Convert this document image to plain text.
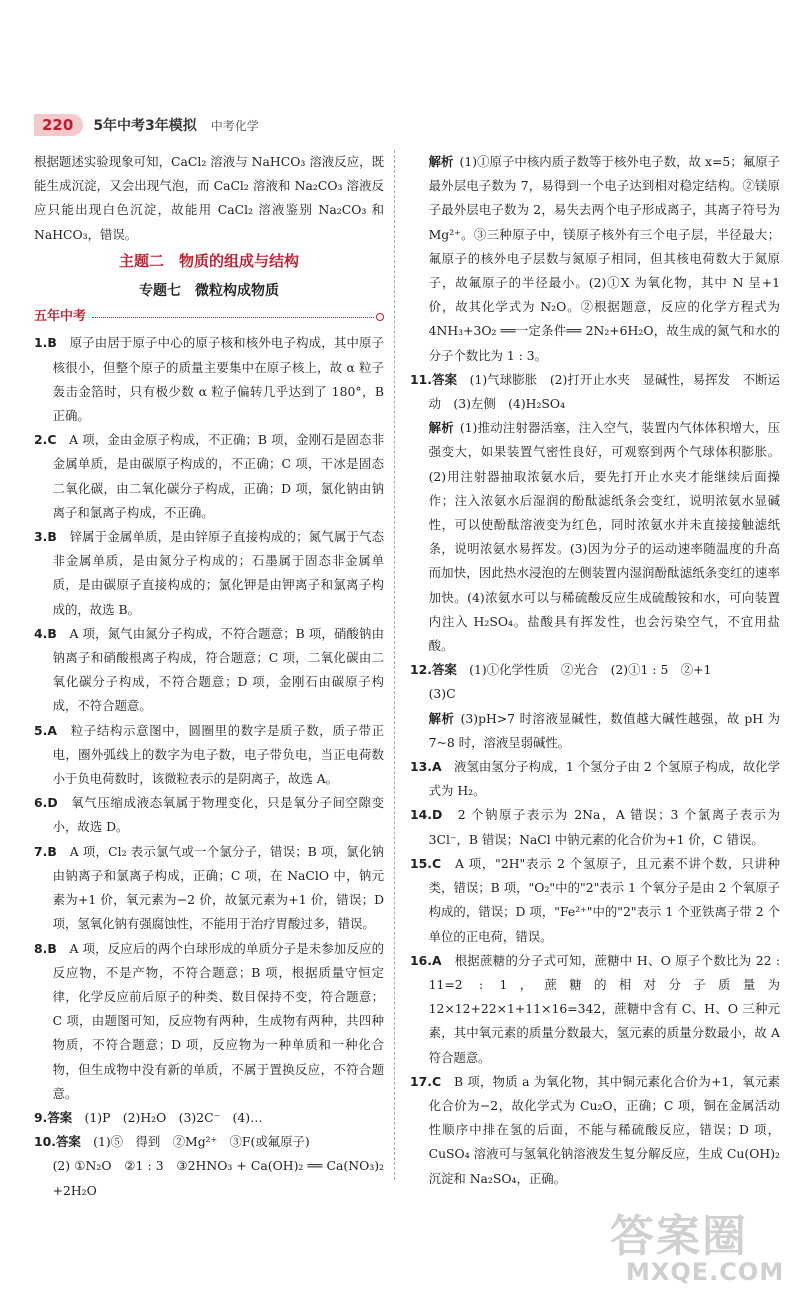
220	5年中考3年模拟 中考化学

根据题述实验现象可知，CaCl₂ 溶液与 NaHCO₃ 溶液反应，既能生成沉淀，又会出现气泡，而 CaCl₂ 溶液和 Na₂CO₃ 溶液反应只能出现白色沉淀，故能用 CaCl₂ 溶液鉴别 Na₂CO₃ 和 NaHCO₃，错误。

主题二　物质的组成与结构
专题七　微粒构成物质
五年中考

1.B　 原子由居于原子中心的原子核和核外电子构成，其中原子核很小，但整个原子的质量主要集中在原子核上，故 α 粒子轰击金箔时，只有极少数 α 粒子偏转几乎达到了 180°，B 正确。

2.C　 A 项，金由金原子构成，不正确；B 项，金刚石是固态非金属单质，是由碳原子构成的，不正确；C 项，干冰是固态二氧化碳，由二氧化碳分子构成，正确；D 项，氯化钠由钠离子和氯离子构成，不正确。

3.B　 锌属于金属单质，是由锌原子直接构成的；氮气属于气态非金属单质，是由氮分子构成的；石墨属于固态非金属单质，是由碳原子直接构成的；氯化钾是由钾离子和氯离子构成的，故选 B。

4.B　 A 项，氮气由氮分子构成，不符合题意；B 项，硝酸钠由钠离子和硝酸根离子构成，符合题意；C 项，二氧化碳由二氧化碳分子构成，不符合题意；D 项，金刚石由碳原子构成，不符合题意。

5.A　 粒子结构示意图中，圆圈里的数字是质子数，质子带正电，圈外弧线上的数字为电子数，电子带负电，当正电荷数小于负电荷数时，该微粒表示的是阴离子，故选 A。

6.D　 氧气压缩成液态氧属于物理变化，只是氧分子间空隙变小，故选 D。

7.B　 A 项，Cl₂ 表示氯气或一个氯分子，错误；B 项，氯化钠由钠离子和氯离子构成，正确；C 项，在 NaClO 中，钠元素为+1 价，氧元素为−2 价，故氯元素为+1 价，错误；D 项，氢氧化钠有强腐蚀性，不能用于治疗胃酸过多，错误。

8.B　 A 项，反应后的两个白球形成的单质分子是未参加反应的反应物，不是产物，不符合题意；B 项，根据质量守恒定律，化学反应前后原子的种类、数目保持不变，符合题意；C 项，由题图可知，反应物有两种，生成物有两种，共四种物质，不符合题意；D 项，反应物为一种单质和一种化合物，但生成物中没有新的单质，不属于置换反应，不符合题意。

9.答案　 (1)P　(2)H₂O　(3)2C⁻　(4)…

10.答案　 (1)⑤　得到　②Mg²⁺　③F(或氟原子)

(2) ①N₂O　②1 : 3　③2HNO₃ + Ca(OH)₂ ══ Ca(NO₃)₂ +2H₂O

解析 (1)①原子中核内质子数等于核外电子数，故 x=5；氟原子最外层电子数为 7，易得到一个电子达到相对稳定结构。②镁原子最外层电子数为 2，易失去两个电子形成离子，其离子符号为 Mg²⁺。③三种原子中，镁原子核外有三个电子层，半径最大；氟原子的核外电子层数与氮原子相同，但其核电荷数大于氮原子，故氟原子的半径最小。(2)①X 为氧化物，其中 N 呈+1 价，故其化学式为 N₂O。②根据题意，反应的化学方程式为 4NH₃+3O₂ ══一定条件══ 2N₂+6H₂O，故生成的氮气和水的分子个数比为 1 : 3。

11.答案　 (1)气球膨胀　(2)打开止水夹　显碱性，易挥发　不断运动　(3)左侧　(4)H₂SO₄

解析 (1)推动注射器活塞，注入空气，装置内气体体积增大，压强变大，如果装置气密性良好，可观察到两个气球体积膨胀。(2)用注射器抽取浓氨水后，要先打开止水夹才能继续后面操作；注入浓氨水后湿润的酚酞滤纸条会变红，说明浓氨水显碱性，可以使酚酞溶液变为红色，同时浓氨水并未直接接触滤纸条，说明浓氨水易挥发。(3)因为分子的运动速率随温度的升高而加快，因此热水浸泡的左侧装置内湿润酚酞滤纸条变红的速率加快。(4)浓氨水可以与稀硫酸反应生成硫酸铵和水，可向装置内注入 H₂SO₄。盐酸具有挥发性，也会污染空气，不宜用盐酸。

12.答案　 (1)①化学性质　②光合　(2)①1 : 5　②+1

(3)C

解析 (3)pH>7 时溶液显碱性，数值越大碱性越强，故 pH 为 7~8 时，溶液呈弱碱性。

13.A　 液氢由氢分子构成，1 个氢分子由 2 个氢原子构成，故化学式为 H₂。

14.D　 2 个钠原子表示为 2Na，A 错误；3 个氯离子表示为 3Cl⁻，B 错误；NaCl 中钠元素的化合价为+1 价，C 错误。

15.C　 A 项，"2H"表示 2 个氢原子，且元素不讲个数，只讲种类，错误；B 项，"O₂"中的"2"表示 1 个氧分子是由 2 个氧原子构成的，错误；D 项，"Fe²⁺"中的"2"表示 1 个亚铁离子带 2 个单位的正电荷，错误。

16.A　 根据蔗糖的分子式可知，蔗糖中 H、O 原子个数比为 22 : 11=2 : 1，蔗糖的相对分子质量为 12×12+22×1+11×16=342，蔗糖中含有 C、H、O 三种元素，其中氧元素的质量分数最大，氢元素的质量分数最小，故 A 符合题意。

17.C　 B 项，物质 a 为氧化物，其中铜元素化合价为+1，氧元素化合价为−2，故化学式为 Cu₂O，正确；C 项，铜在金属活动性顺序中排在氢的后面，不能与稀硫酸反应，错误；D 项，CuSO₄ 溶液可与氢氧化钠溶液发生复分解反应，生成 Cu(OH)₂ 沉淀和 Na₂SO₄，正确。

答案圈
MXQE.COM
